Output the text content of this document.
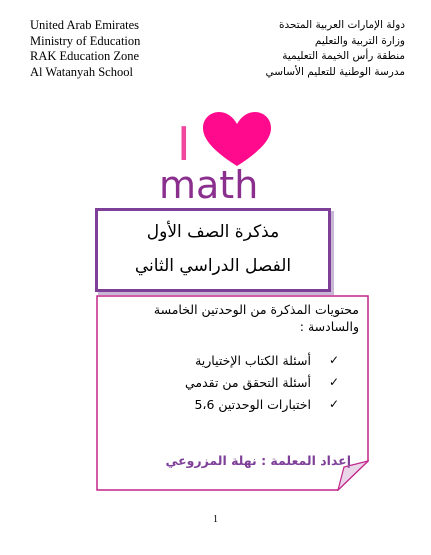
United Arab Emirates
Ministry of Education
RAK Education Zone
Al Watanyah School
دولة الإمارات العربية المتحدة
وزارة التربية والتعليم
منطقة رأس الخيمة التعليمية
مدرسة الوطنية للتعليم الأساسي
I
math
مذكرة الصف الأول
الفصل الدراسي الثاني
محتويات المذكرة من الوحدتين الخامسة والسادسة :
✓
أسئلة الكتاب الإختيارية
✓
أسئلة التحقق من تقدمي
✓
اختبارات الوحدتين 5،6
إعداد المعلمة : نهلة المزروعي
1
